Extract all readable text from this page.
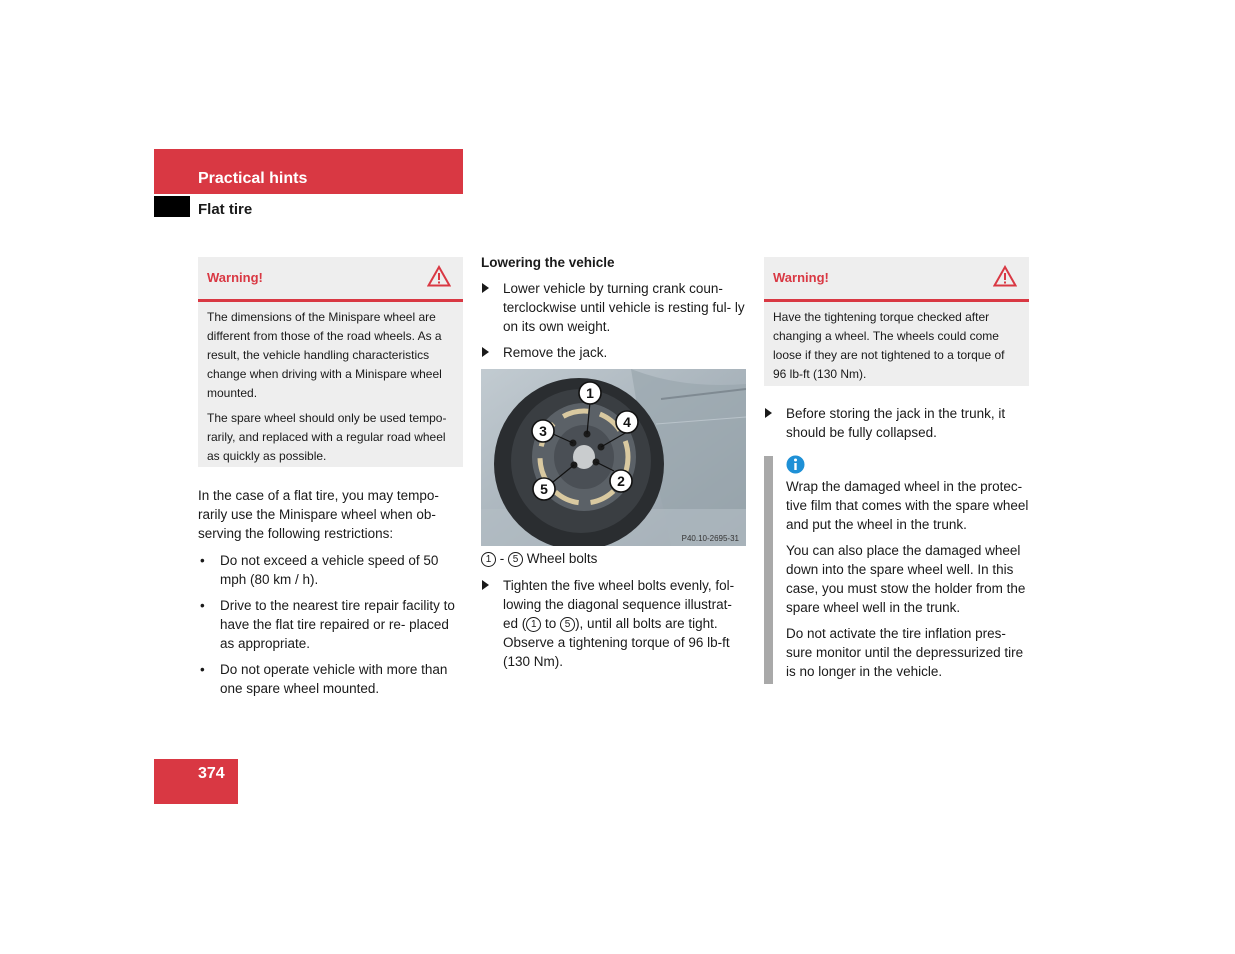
Practical hints
Flat tire
Warning!

The dimensions of the Minispare wheel are different from those of the road wheels. As a result, the vehicle handling characteristics change when driving with a Minispare wheel mounted.

The spare wheel should only be used tempo- rarily, and replaced with a regular road wheel as quickly as possible.

In the case of a flat tire, you may tempo- rarily use the Minispare wheel when ob- serving the following restrictions:

• Do not exceed a vehicle speed of 50 mph (80 km / h).
• Drive to the nearest tire repair facility to have the flat tire repaired or re- placed as appropriate.
• Do not operate vehicle with more than one spare wheel mounted.
Lowering the vehicle
Lower vehicle by turning crank coun- terclockwise until vehicle is resting ful- ly on its own weight.
Remove the jack.
1
2
3
4
5
P40.10-2695-31
1 - 5 Wheel bolts
Tighten the five wheel bolts evenly, fol- lowing the diagonal sequence illustrat- ed ( 1 to 5 ), until all bolts are tight. Observe a tightening torque of 96 lb-ft (130 Nm).
Warning!

Have the tightening torque checked after changing a wheel. The wheels could come loose if they are not tightened to a torque of 96 lb-ft (130 Nm).

Before storing the jack in the trunk, it should be fully collapsed.

Wrap the damaged wheel in the protec- tive film that comes with the spare wheel and put the wheel in the trunk.

You can also place the damaged wheel down into the spare wheel well. In this case, you must stow the holder from the spare wheel well in the trunk.

Do not activate the tire inflation pres- sure monitor until the depressurized tire is no longer in the vehicle.

374
